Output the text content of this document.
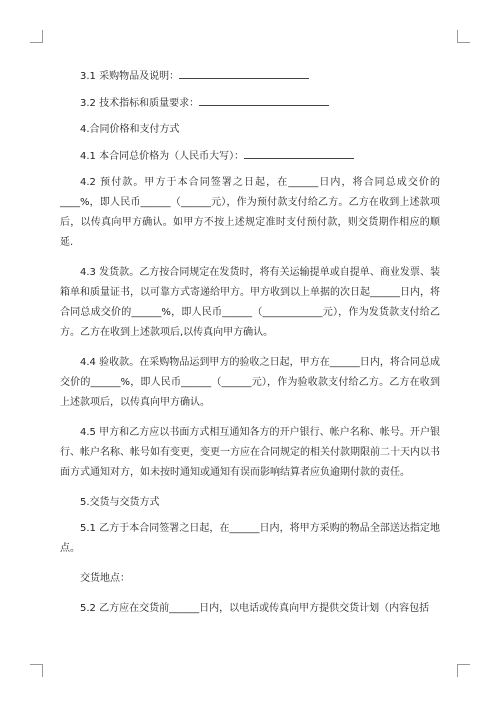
3.1 采购物品及说明：

3.2 技术指标和质量要求：

4.合同价格和支付方式

4.1 本合同总价格为（人民币大写）：

4.2 预付款。甲方于本合同签署之日起，在______日内，将合同总成交价的 ____%，即人民币______（______元），作为预付款支付给乙方。乙方在收到上述款项后，以传真向甲方确认。如甲方不按上述规定准时支付预付款，则交货期作相应的顺延.

4.3 发货款。乙方按合同规定在发货时，将有关运输提单或自提单、商业发票、装箱单和质量证书，以可靠方式寄递给甲方。甲方收到以上单据的次日起______日内，将合同总成交价的______%，即人民币______（____________元），作为发货款支付给乙方。乙方在收到上述款项后,以传真向甲方确认。

4.4 验收款。在采购物品运到甲方的验收之日起，甲方在______日内，将合同总成交价的______%，即人民币______（______元），作为验收款支付给乙方。乙方在收到上述款项后，以传真向甲方确认。

4.5 甲方和乙方应以书面方式相互通知各方的开户银行、帐户名称、帐号。开户银行、帐户名称、帐号如有变更，变更一方应在合同规定的相关付款期限前二十天内以书面方式通知对方，如未按时通知或通知有误而影响结算者应负逾期付款的责任。

5.交货与交货方式

5.1 乙方于本合同签署之日起，在______日内，将甲方采购的物品全部送达指定地点。

交货地点：

5.2 乙方应在交货前______日内，以电话或传真向甲方提供交货计划（内容包括
